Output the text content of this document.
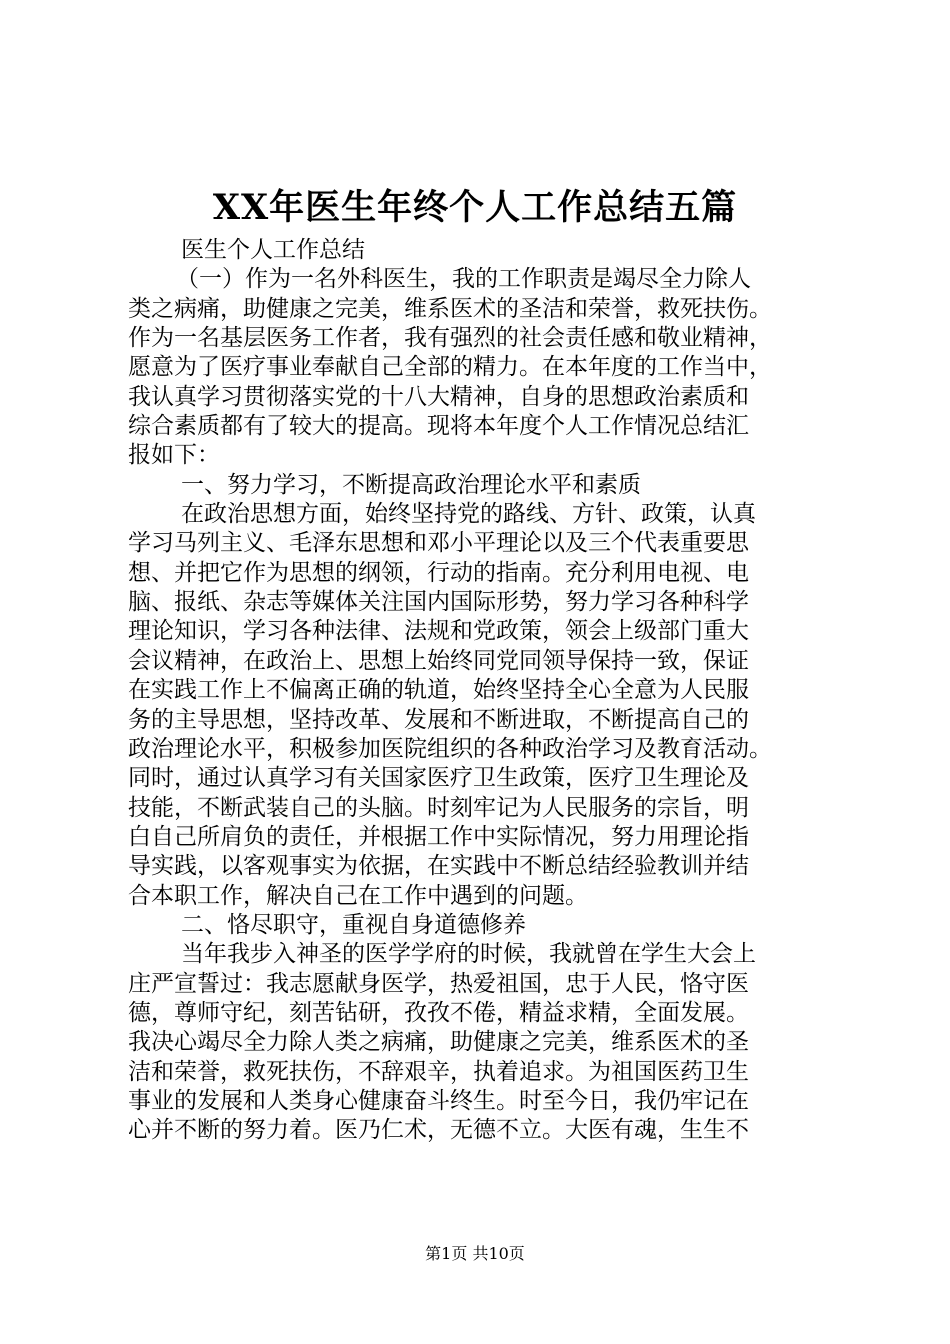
XX年医生年终个人工作总结五篇
医生个人工作总结
（一）作为一名外科医生，我的工作职责是竭尽全力除人
类之病痛，助健康之完美，维系医术的圣洁和荣誉，救死扶伤。
作为一名基层医务工作者，我有强烈的社会责任感和敬业精神，
愿意为了医疗事业奉献自己全部的精力。在本年度的工作当中，
我认真学习贯彻落实党的十八大精神，自身的思想政治素质和
综合素质都有了较大的提高。现将本年度个人工作情况总结汇
报如下：
一、努力学习，不断提高政治理论水平和素质
在政治思想方面，始终坚持党的路线、方针、政策，认真
学习马列主义、毛泽东思想和邓小平理论以及三个代表重要思
想、并把它作为思想的纲领，行动的指南。充分利用电视、电
脑、报纸、杂志等媒体关注国内国际形势，努力学习各种科学
理论知识，学习各种法律、法规和党政策，领会上级部门重大
会议精神，在政治上、思想上始终同党同领导保持一致，保证
在实践工作上不偏离正确的轨道，始终坚持全心全意为人民服
务的主导思想，坚持改革、发展和不断进取，不断提高自己的
政治理论水平，积极参加医院组织的各种政治学习及教育活动。
同时，通过认真学习有关国家医疗卫生政策，医疗卫生理论及
技能，不断武装自己的头脑。时刻牢记为人民服务的宗旨，明
白自己所肩负的责任，并根据工作中实际情况，努力用理论指
导实践，以客观事实为依据，在实践中不断总结经验教训并结
合本职工作，解决自己在工作中遇到的问题。
二、恪尽职守，重视自身道德修养
当年我步入神圣的医学学府的时候，我就曾在学生大会上
庄严宣誓过：我志愿献身医学，热爱祖国，忠于人民，恪守医
德，尊师守纪，刻苦钻研，孜孜不倦，精益求精，全面发展。
我决心竭尽全力除人类之病痛，助健康之完美，维系医术的圣
洁和荣誉，救死扶伤，不辞艰辛，执着追求。为祖国医药卫生
事业的发展和人类身心健康奋斗终生。时至今日，我仍牢记在
心并不断的努力着。医乃仁术，无德不立。大医有魂，生生不
第1页 共10页
